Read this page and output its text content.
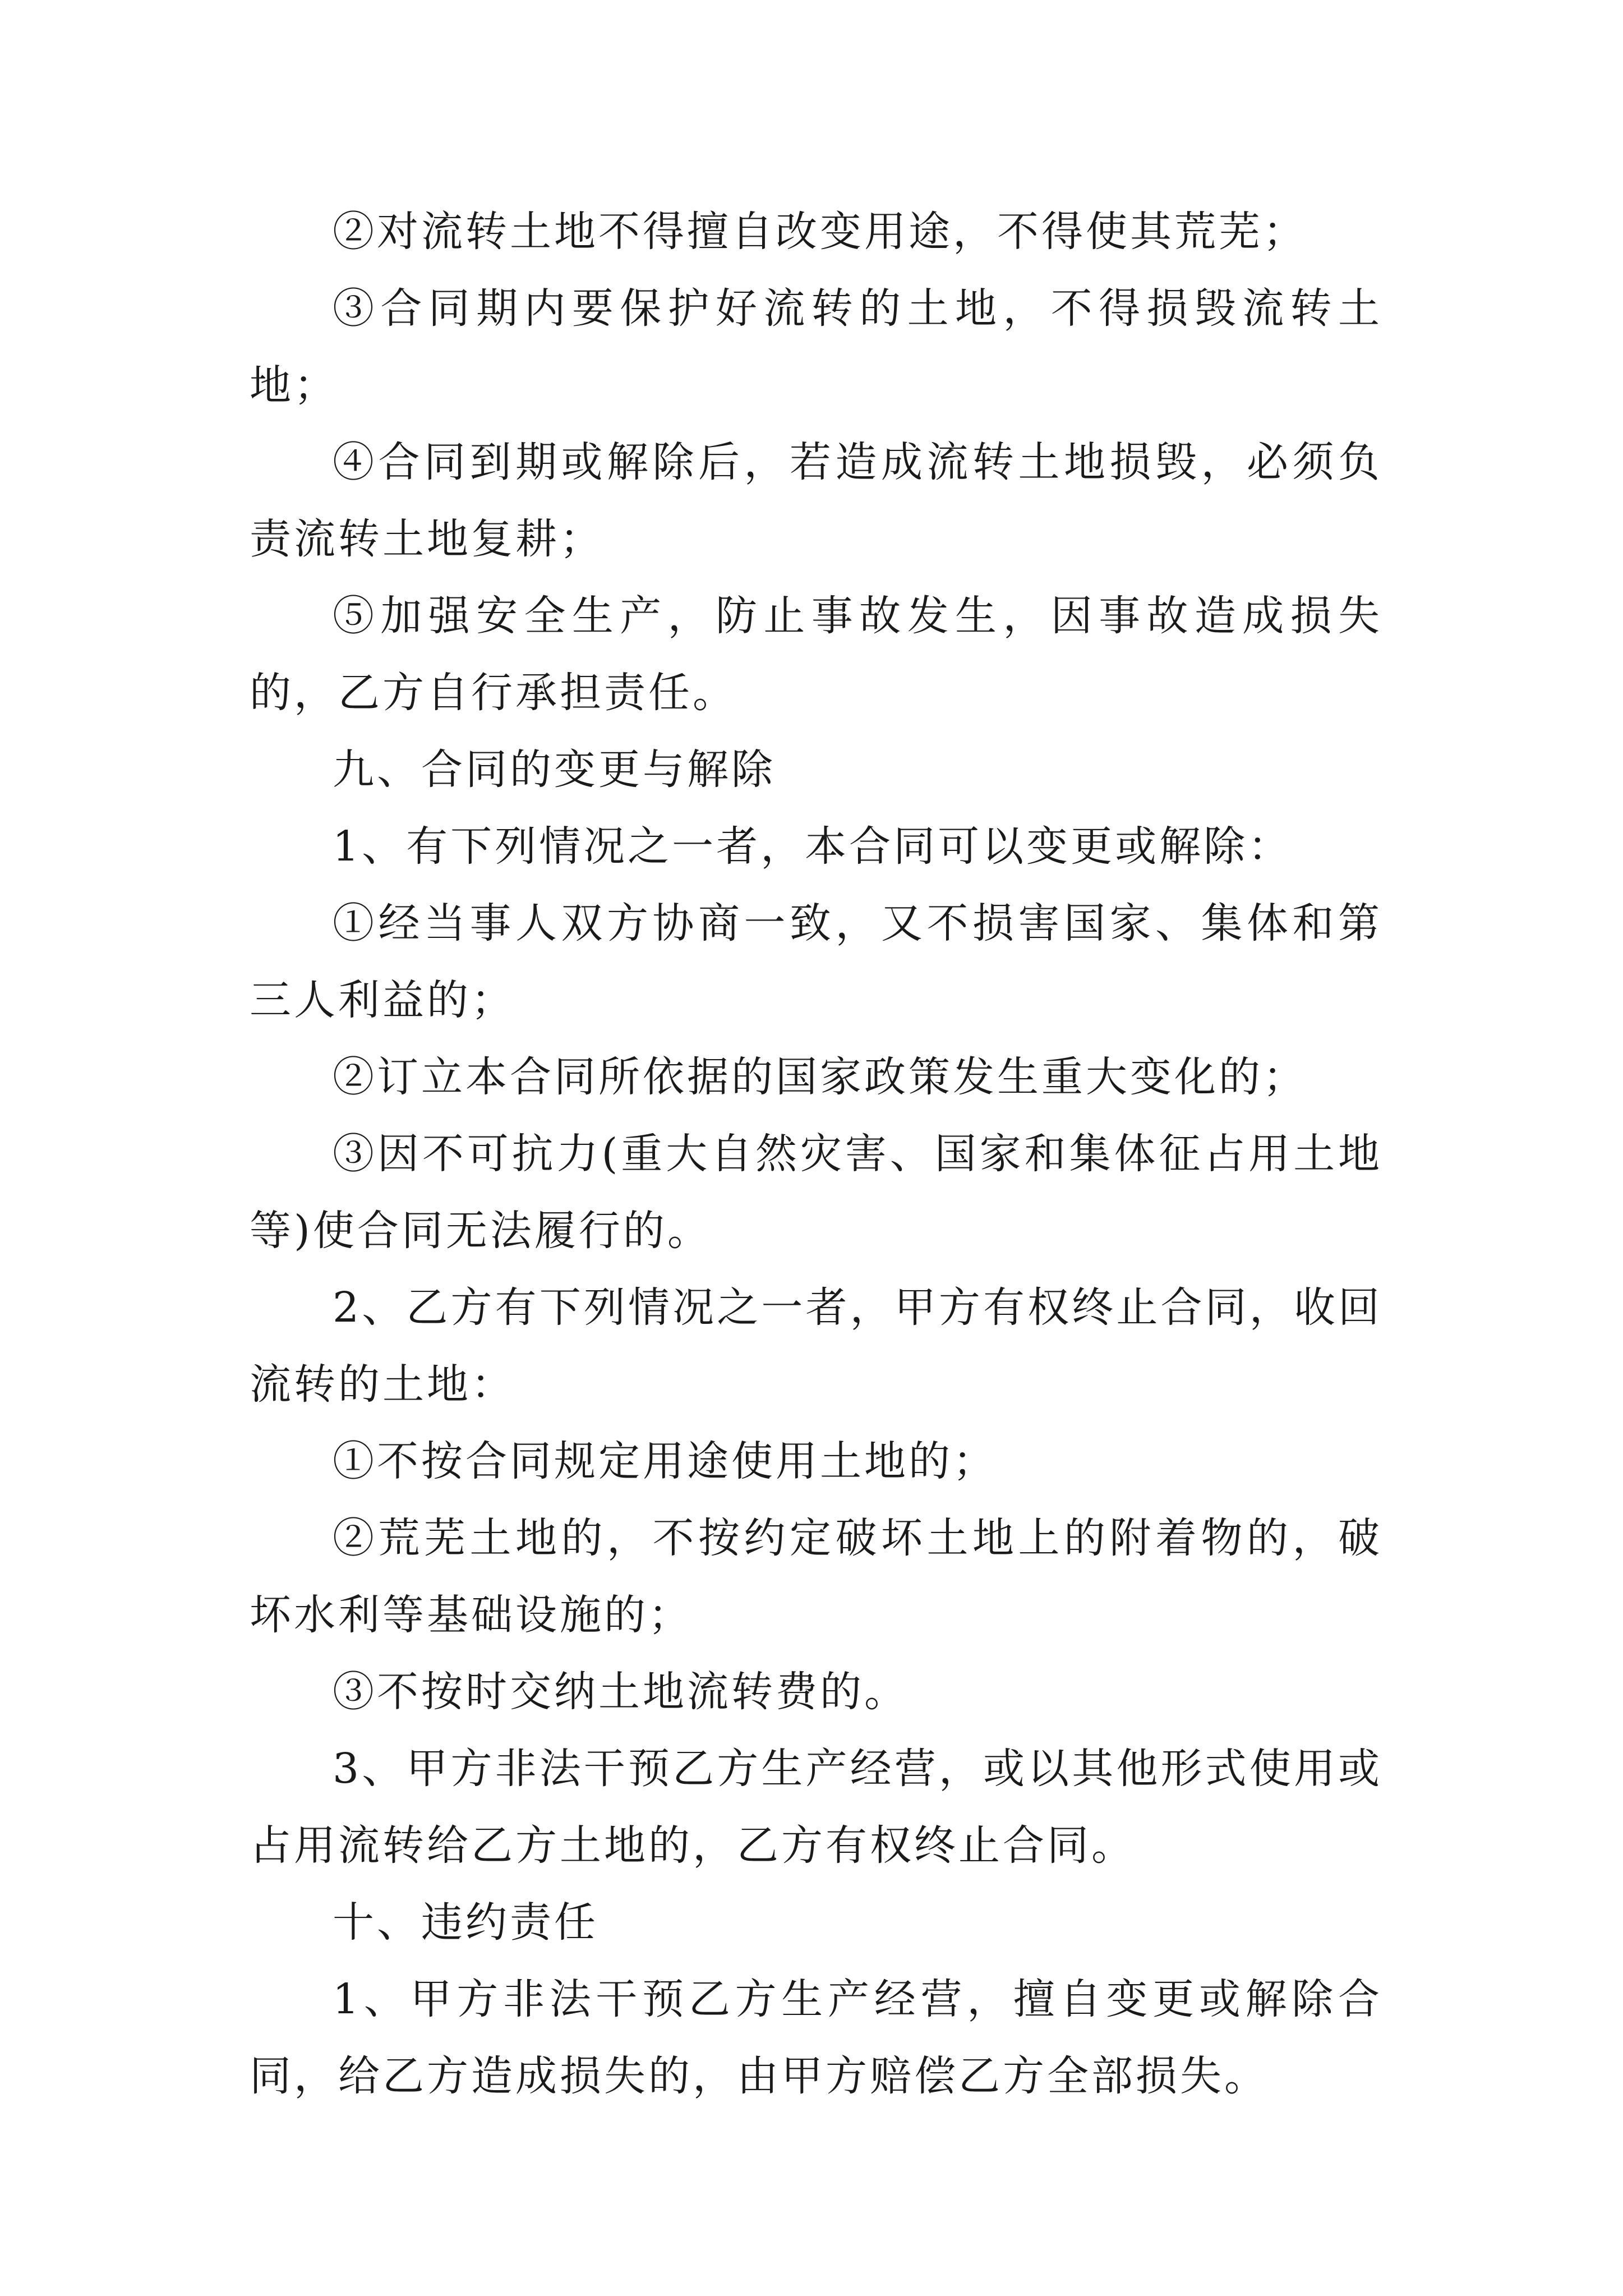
②对流转土地不得擅自改变用途，不得使其荒芜；

③合同期内要保护好流转的土地，不得损毁流转土地；

④合同到期或解除后，若造成流转土地损毁，必须负责流转土地复耕；

⑤加强安全生产，防止事故发生，因事故造成损失的，乙方自行承担责任。

九、合同的变更与解除

1、有下列情况之一者，本合同可以变更或解除：

①经当事人双方协商一致，又不损害国家、集体和第三人利益的；

②订立本合同所依据的国家政策发生重大变化的；

③因不可抗力(重大自然灾害、国家和集体征占用土地等)使合同无法履行的。

2、乙方有下列情况之一者，甲方有权终止合同，收回流转的土地：

①不按合同规定用途使用土地的；

②荒芜土地的，不按约定破坏土地上的附着物的，破坏水利等基础设施的；

③不按时交纳土地流转费的。

3、甲方非法干预乙方生产经营，或以其他形式使用或占用流转给乙方土地的，乙方有权终止合同。

十、违约责任

1、甲方非法干预乙方生产经营，擅自变更或解除合同，给乙方造成损失的，由甲方赔偿乙方全部损失。
